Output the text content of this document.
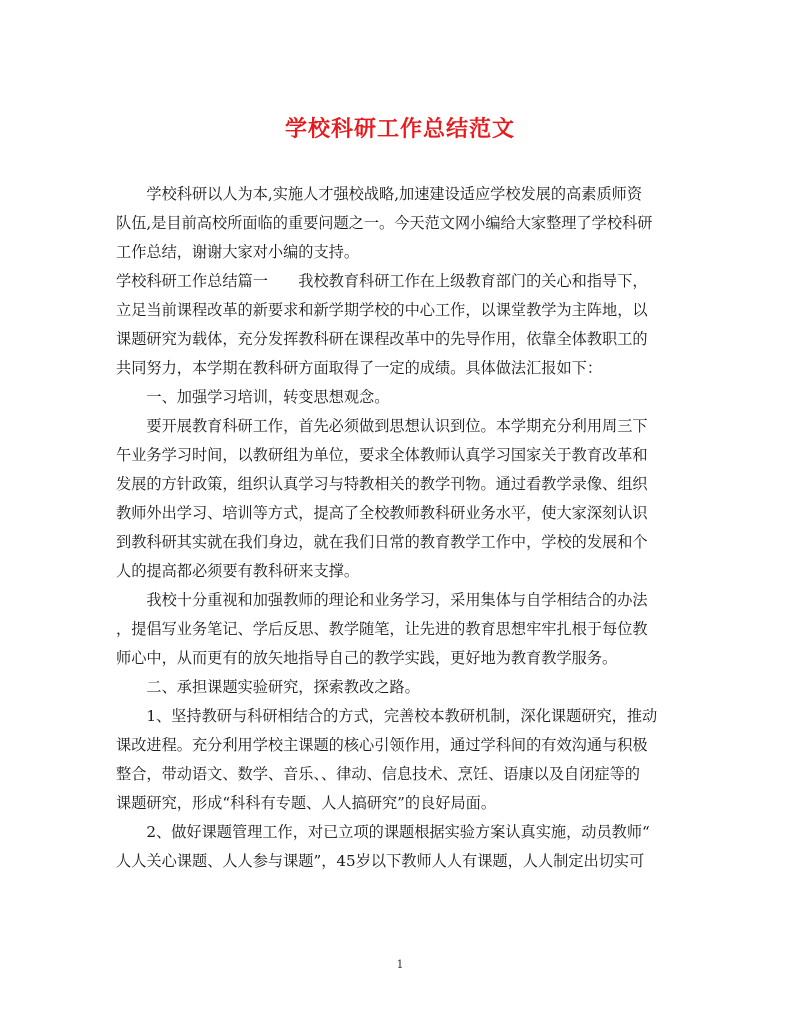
学校科研工作总结范文

　　学校科研以人为本,实施人才强校战略,加速建设适应学校发展的高素质师资

队伍,是目前高校所面临的重要问题之一。今天范文网小编给大家整理了学校科研

工作总结，谢谢大家对小编的支持。

学校科研工作总结篇一　　我校教育科研工作在上级教育部门的关心和指导下，

立足当前课程改革的新要求和新学期学校的中心工作，以课堂教学为主阵地，以

课题研究为载体，充分发挥教科研在课程改革中的先导作用，依靠全体教职工的

共同努力，本学期在教科研方面取得了一定的成绩。具体做法汇报如下：

　　一、加强学习培训，转变思想观念。

　　要开展教育科研工作，首先必须做到思想认识到位。本学期充分利用周三下

午业务学习时间，以教研组为单位，要求全体教师认真学习国家关于教育改革和

发展的方针政策，组织认真学习与特教相关的教学刊物。通过看教学录像、组织

教师外出学习、培训等方式，提高了全校教师教科研业务水平，使大家深刻认识

到教科研其实就在我们身边，就在我们日常的教育教学工作中，学校的发展和个

人的提高都必须要有教科研来支撑。

　　我校十分重视和加强教师的理论和业务学习，采用集体与自学相结合的办法

，提倡写业务笔记、学后反思、教学随笔，让先进的教育思想牢牢扎根于每位教

师心中，从而更有的放矢地指导自己的教学实践，更好地为教育教学服务。

　　二、承担课题实验研究，探索教改之路。

　　1、坚持教研与科研相结合的方式，完善校本教研机制，深化课题研究，推动

课改进程。充分利用学校主课题的核心引领作用，通过学科间的有效沟通与积极

整合，带动语文、数学、音乐、、律动、信息技术、烹饪、语康以及自闭症等的

课题研究，形成“科科有专题、人人搞研究”的良好局面。

　　2、做好课题管理工作，对已立项的课题根据实验方案认真实施，动员教师“

人人关心课题、人人参与课题”，45岁以下教师人人有课题，人人制定出切实可

1
